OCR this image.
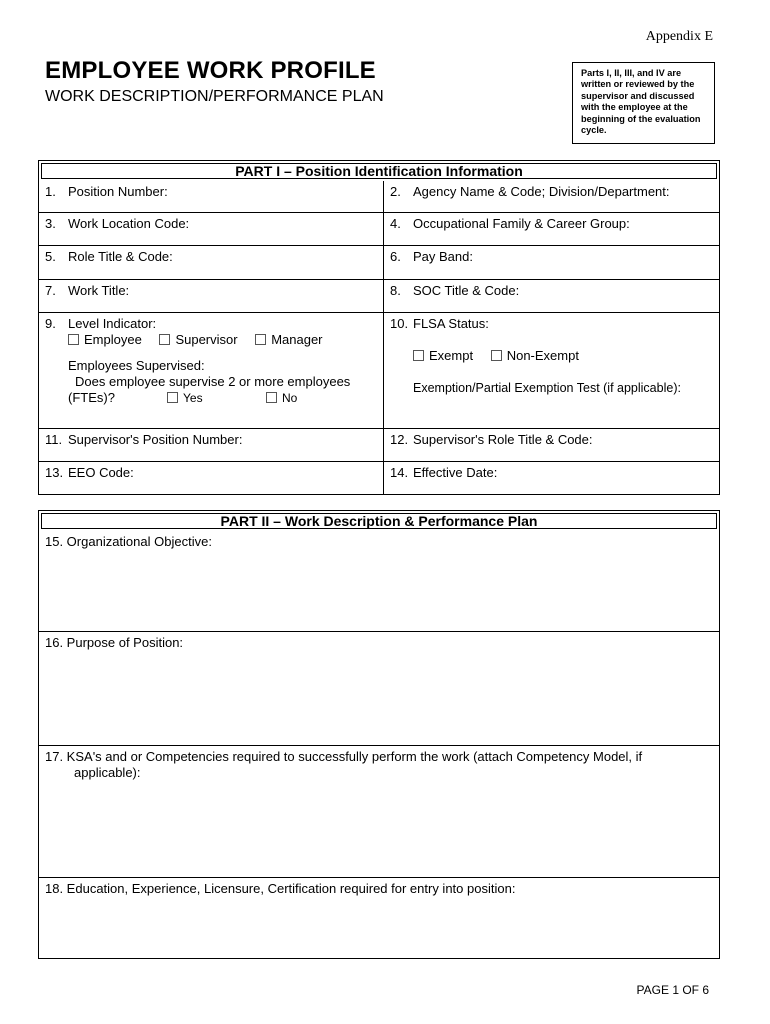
Appendix E
EMPLOYEE WORK PROFILE
WORK DESCRIPTION/PERFORMANCE PLAN
Parts I, II, III, and IV are written or reviewed by the supervisor and discussed with the employee at the beginning of the evaluation cycle.
PART I – Position Identification Information
1. Position Number:	2. Agency Name & Code; Division/Department:
3. Work Location Code:	4. Occupational Family & Career Group:
5. Role Title & Code:	6. Pay Band:
7. Work Title:	8. SOC Title & Code:
9. Level Indicator:
Employee	Supervisor	Manager
Employees Supervised:
Does employee supervise 2 or more employees
(FTEs)?	Yes	No
10. FLSA Status:
Exempt	Non-Exempt
Exemption/Partial Exemption Test (if applicable):
11. Supervisor's Position Number:	12. Supervisor's Role Title & Code:
13. EEO Code:	14. Effective Date:
PART II – Work Description & Performance Plan
15. Organizational Objective:
16. Purpose of Position:
17. KSA's and or Competencies required to successfully perform the work (attach Competency Model, if
applicable):
18. Education, Experience, Licensure, Certification required for entry into position:
PAGE 1 OF 6
